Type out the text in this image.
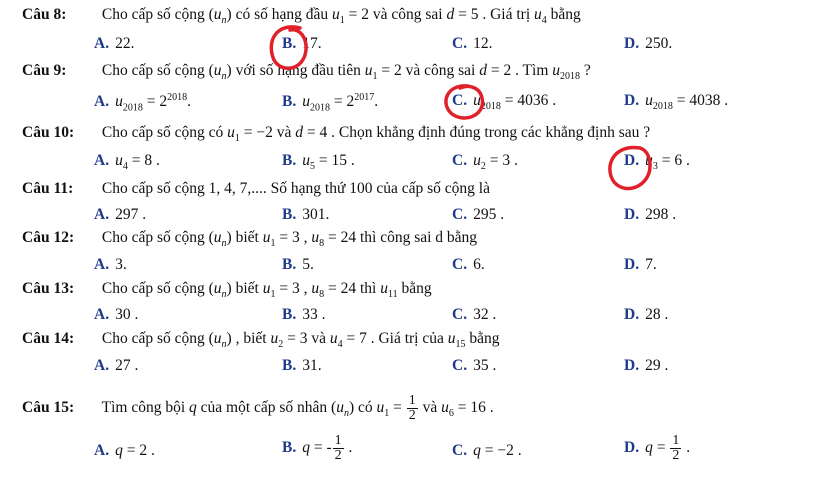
Câu 8: Cho cấp số cộng $(u_n)$ có số hạng đầu $u_1 = 2$ và công sai d = 5 . Giá trị $u_4$ bằng
A. 22.	B. 17.	C. 12.	D. 250.
Câu 9: Cho cấp số cộng $(u_n)$ với số hạng đầu tiên $u_1 = 2$ và công sai d = 2 . Tìm $u_{2018}$ ?
A. $u_{2018} = 2^{2018}$.	B. $u_{2018} = 2^{2017}$.	C. $u_{2018} = 4036$ .	D. $u_{2018} = 4038$ .
Câu 10: Cho cấp số cộng có $u_1 = -2$ và d = 4 . Chọn khẳng định đúng trong các khẳng định sau ?
A. $u_4 = 8$ .	B. $u_5 = 15$ .	C. $u_2 = 3$ .	D. $u_3 = 6$ .
Câu 11: Cho cấp số cộng 1, 4, 7,.... Số hạng thứ 100 của cấp số cộng là
A. 297 .	B. 301.	C. 295 .	D. 298 .
Câu 12: Cho cấp số cộng $(u_n)$ biết $u_1 = 3$ , $u_8 = 24$ thì công sai d bằng
A. 3.	B. 5.	C. 6.	D. 7.
Câu 13: Cho cấp số cộng $(u_n)$ biết $u_1 = 3$ , $u_8 = 24$ thì $u_{11}$ bằng
A. 30 .	B. 33 .	C. 32 .	D. 28 .
Câu 14: Cho cấp số cộng $(u_n)$ , biết $u_2 = 3$ và $u_4 = 7$ . Giá trị của $u_{15}$ bằng
A. 27 .	B. 31.	C. 35 .	D. 29 .
Câu 15: Tìm công bội q của một cấp số nhân $(u_n)$ có $u_1 = \frac{1}{2}$ và $u_6 = 16$ .
A. q = 2 .	B. q = - $\frac{1}{2}$ .	C. q = −2 .	D. $q = \frac{1}{2}$ .
